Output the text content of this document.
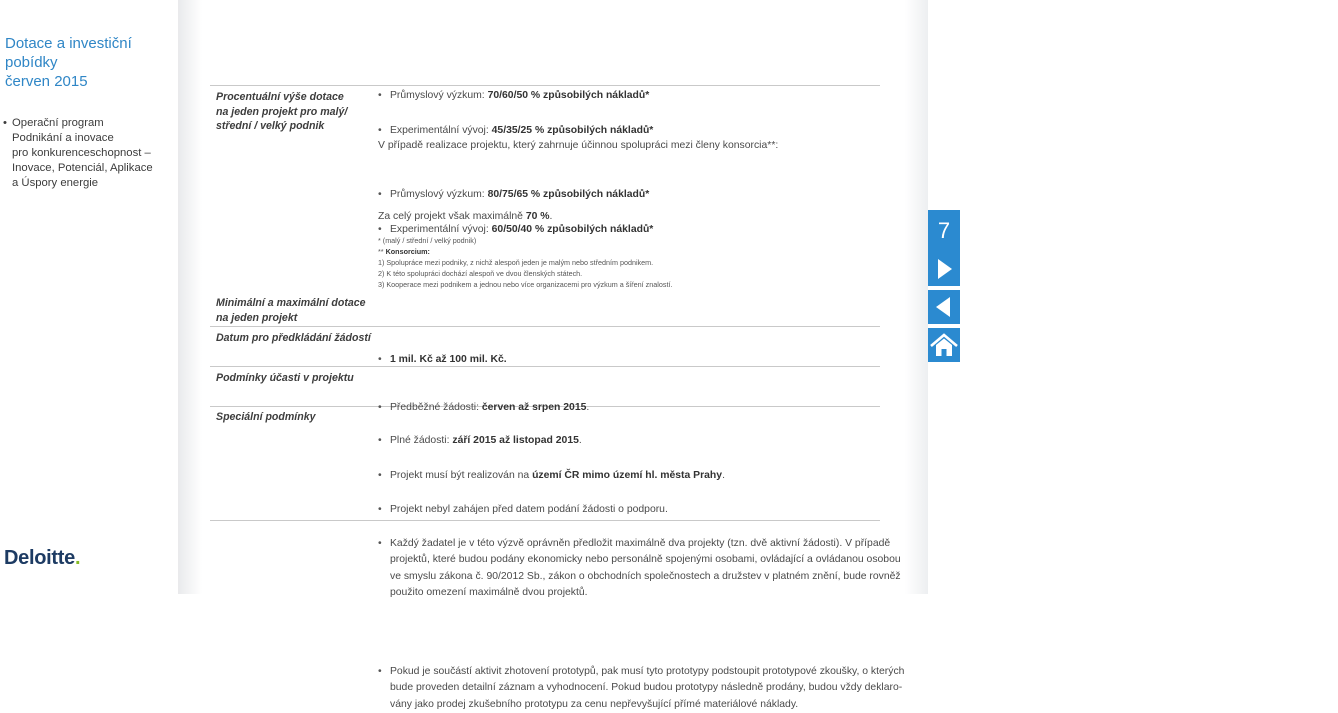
Dotace a investiční pobídky
červen 2015
• Operační program
Podnikání a inovace
pro konkurenceschopnost –
Inovace, Potenciál, Aplikace
a Úspory energie
Deloitte.
7
Procentuální výše dotace
na jeden projekt pro malý/
střední / velký podnik
• Průmyslový výzkum: 70/60/50 % způsobilých nákladů*
• Experimentální vývoj: 45/35/25 % způsobilých nákladů*
V případě realizace projektu, který zahrnuje účinnou spolupráci mezi členy konsorcia**:
• Průmyslový výzkum: 80/75/65 % způsobilých nákladů*
• Experimentální vývoj: 60/50/40 % způsobilých nákladů*
Za celý projekt však maximálně 70 %.
* (malý / střední / velký podnik)
** Konsorcium:
1) Spolupráce mezi podniky, z nichž alespoň jeden je malým nebo středním podnikem.
2) K této spolupráci dochází alespoň ve dvou členských státech.
3) Kooperace mezi podnikem a jednou nebo více organizacemi pro výzkum a šíření znalostí.
Minimální a maximální dotace
na jeden projekt
• 1 mil. Kč až 100 mil. Kč.
Datum pro předkládání žádostí
• Předběžné žádosti: červen až srpen 2015.
• Plné žádosti: září 2015 až listopad 2015.
Podmínky účasti v projektu
• Projekt musí být realizován na území ČR mimo území hl. města Prahy.
• Projekt nebyl zahájen před datem podání žádosti o podporu.
Speciální podmínky
• Každý žadatel je v této výzvě oprávněn předložit maximálně dva projekty (tzn. dvě aktivní žádosti). V případě
projektů, které budou podány ekonomicky nebo personálně spojenými osobami, ovládající a ovládanou osobou
ve smyslu zákona č. 90/2012 Sb., zákon o obchodních společnostech a družstev v platném znění, bude rovněž
použito omezení maximálně dvou projektů.
• Pokud je součástí aktivit zhotovení prototypů, pak musí tyto prototypy podstoupit prototypové zkoušky, o kterých
bude proveden detailní záznam a vyhodnocení. Pokud budou prototypy následně prodány, budou vždy deklaro-
vány jako prodej zkušebního prototypu za cenu nepřevyšující přímé materiálové náklady.
